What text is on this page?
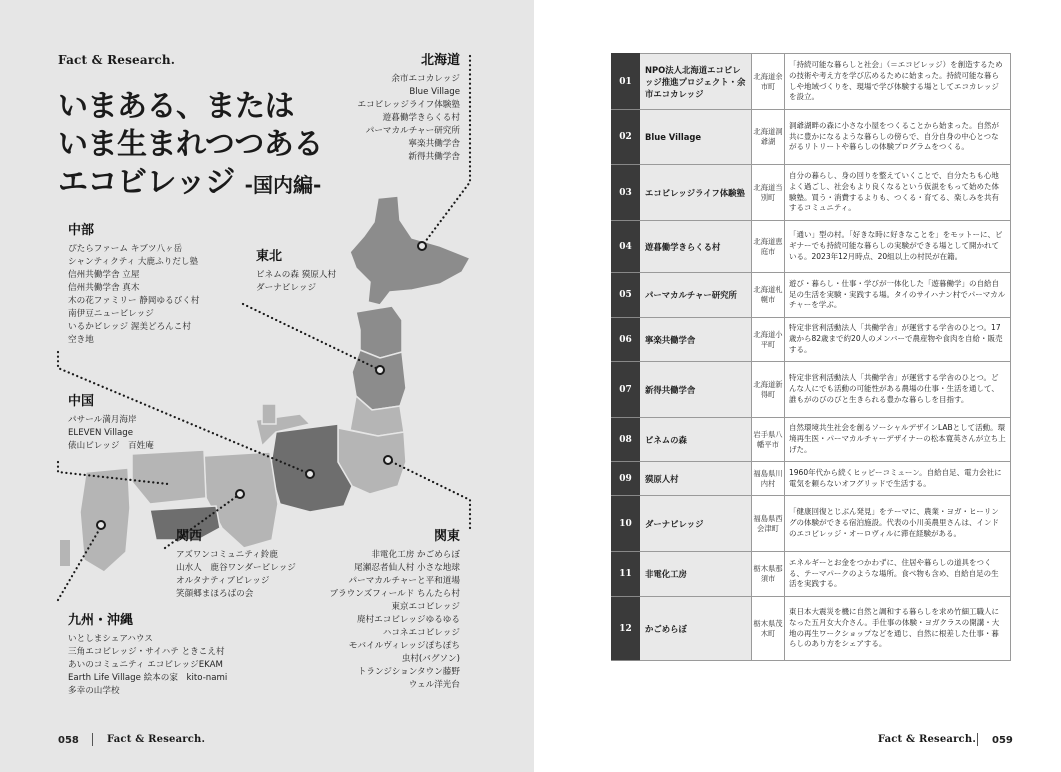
Fact & Research.
いまある、または
いま生まれつつある
エコビレッジ -国内編-
北海道
余市エコカレッジ
Blue Village
エコビレッジライフ体験塾
遊暮働学きらくる村
パーマカルチャー研究所
寧楽共働学舎
新得共働学舎
中部
ぴたらファーム キブツ八ヶ岳
シャンティクティ 大鹿ふりだし塾
信州共働学舎 立屋
信州共働学舎 真木
木の花ファミリー 静岡ゆるびく村
南伊豆ニュービレッジ
いるかビレッジ 渥美どろんこ村
空き地
東北
ビネムの森 獏原人村
ダーナビレッジ
中国
パサール満月海岸
ELEVEN Village
俵山ビレッジ　百姓庵
関西
アズワンコミュニティ鈴鹿
山水人　鹿谷ワンダービレッジ
オルタナティブビレッジ
笑顔郷まほろばの会
関東
非電化工房 かごめらぼ
尾瀬忍者仙人村 小さな地球
パーマカルチャーと平和道場
ブラウンズフィールド ちんたら村
東京エコビレッジ
廃村エコビレッジゆるゆる
ハコネエコビレッジ
モバイルヴィレッジぽちぽち
虫村(バグソン)
トランジションタウン藤野
ウェル洋光台
九州・沖縄
いとしまシェアハウス
三角エコビレッジ・サイハテ ときこえ村
あいのコミュニティ エコビレッジEKAM
Earth Life Village 絵本の家　kito-nami
多幸の山学校
058	Fact & Research.
01	NPO法人北海道エコビレッジ推進プロジェクト・余市エコカレッジ	北海道余市町	「持続可能な暮らしと社会」（＝エコビレッジ）を創造するための技術や考え方を学び広めるために始まった。持続可能な暮らしや地域づくりを、現場で学び体験する場としてエコカレッジを設立。
02	Blue Village	北海道洞爺湖	洞爺湖畔の森に小さな小屋をつくることから始まった。自然が共に豊かになるような暮らしの傍らで、自分自身の中心とつながるリトリートや暮らしの体験プログラムをつくる。
03	エコビレッジライフ体験塾	北海道当別町	自分の暮らし、身の回りを整えていくことで、自分たちも心地よく過ごし、社会もより良くなるという仮説をもって始めた体験塾。買う・消費するよりも、つくる・育てる、楽しみを共有するコミュニティ。
04	遊暮働学きらくる村	北海道恵庭市	「通い」型の村。「好きな時に好きなことを」をモットーに、ビギナーでも持続可能な暮らしの実験ができる場として開かれている。2023年12月時点、20組以上の村民が在籍。
05	パーマカルチャー研究所	北海道札幌市	遊び・暮らし・仕事・学びが一体化した「遊暮働学」の自給自足の生活を実験・実践する場。タイのサイハナン村でパーマカルチャーを学ぶ。
06	寧楽共働学舎	北海道小平町	特定非営利活動法人「共働学舎」が運営する学舎のひとつ。17歳から82歳まで約20人のメンバーで農産物や食肉を自給・販売する。
07	新得共働学舎	北海道新得町	特定非営利活動法人「共働学舎」が運営する学舎のひとつ。どんな人にでも活動の可能性がある農場の仕事・生活を通して、誰もがのびのびと生きられる豊かな暮らしを目指す。
08	ビネムの森	岩手県八幡平市	自然環境共生社会を創るソーシャルデザインLABとして活動。環境再生医・パーマカルチャーデザイナーの松本寛英さんが立ち上げた。
09	獏原人村	福島県川内村	1960年代から続くヒッピーコミューン。自給自足、電力会社に電気を頼らないオフグリッドで生活する。
10	ダーナビレッジ	福島県西会津町	「健康回復とじぶん発見」をテーマに、農業・ヨガ・ヒーリングの体験ができる宿泊施設。代表の小川美農里さんは、インドのエコビレッジ・オーロヴィルに滞在経験がある。
11	非電化工房	栃木県那須市	エネルギーとお金をつかわずに、住居や暮らしの道具をつくる、テーマパークのような場所。食べ物も含め、自給自足の生活を実践する。
12	かごめらぼ	栃木県茂木町	東日本大震災を機に自然と調和する暮らしを求め竹細工職人になった五月女大介さん。手仕事の体験・ヨガクラスの開講・大地の再生ワークショップなどを通じ、自然に根差した仕事・暮らしのあり方をシェアする。
Fact & Research. 059
